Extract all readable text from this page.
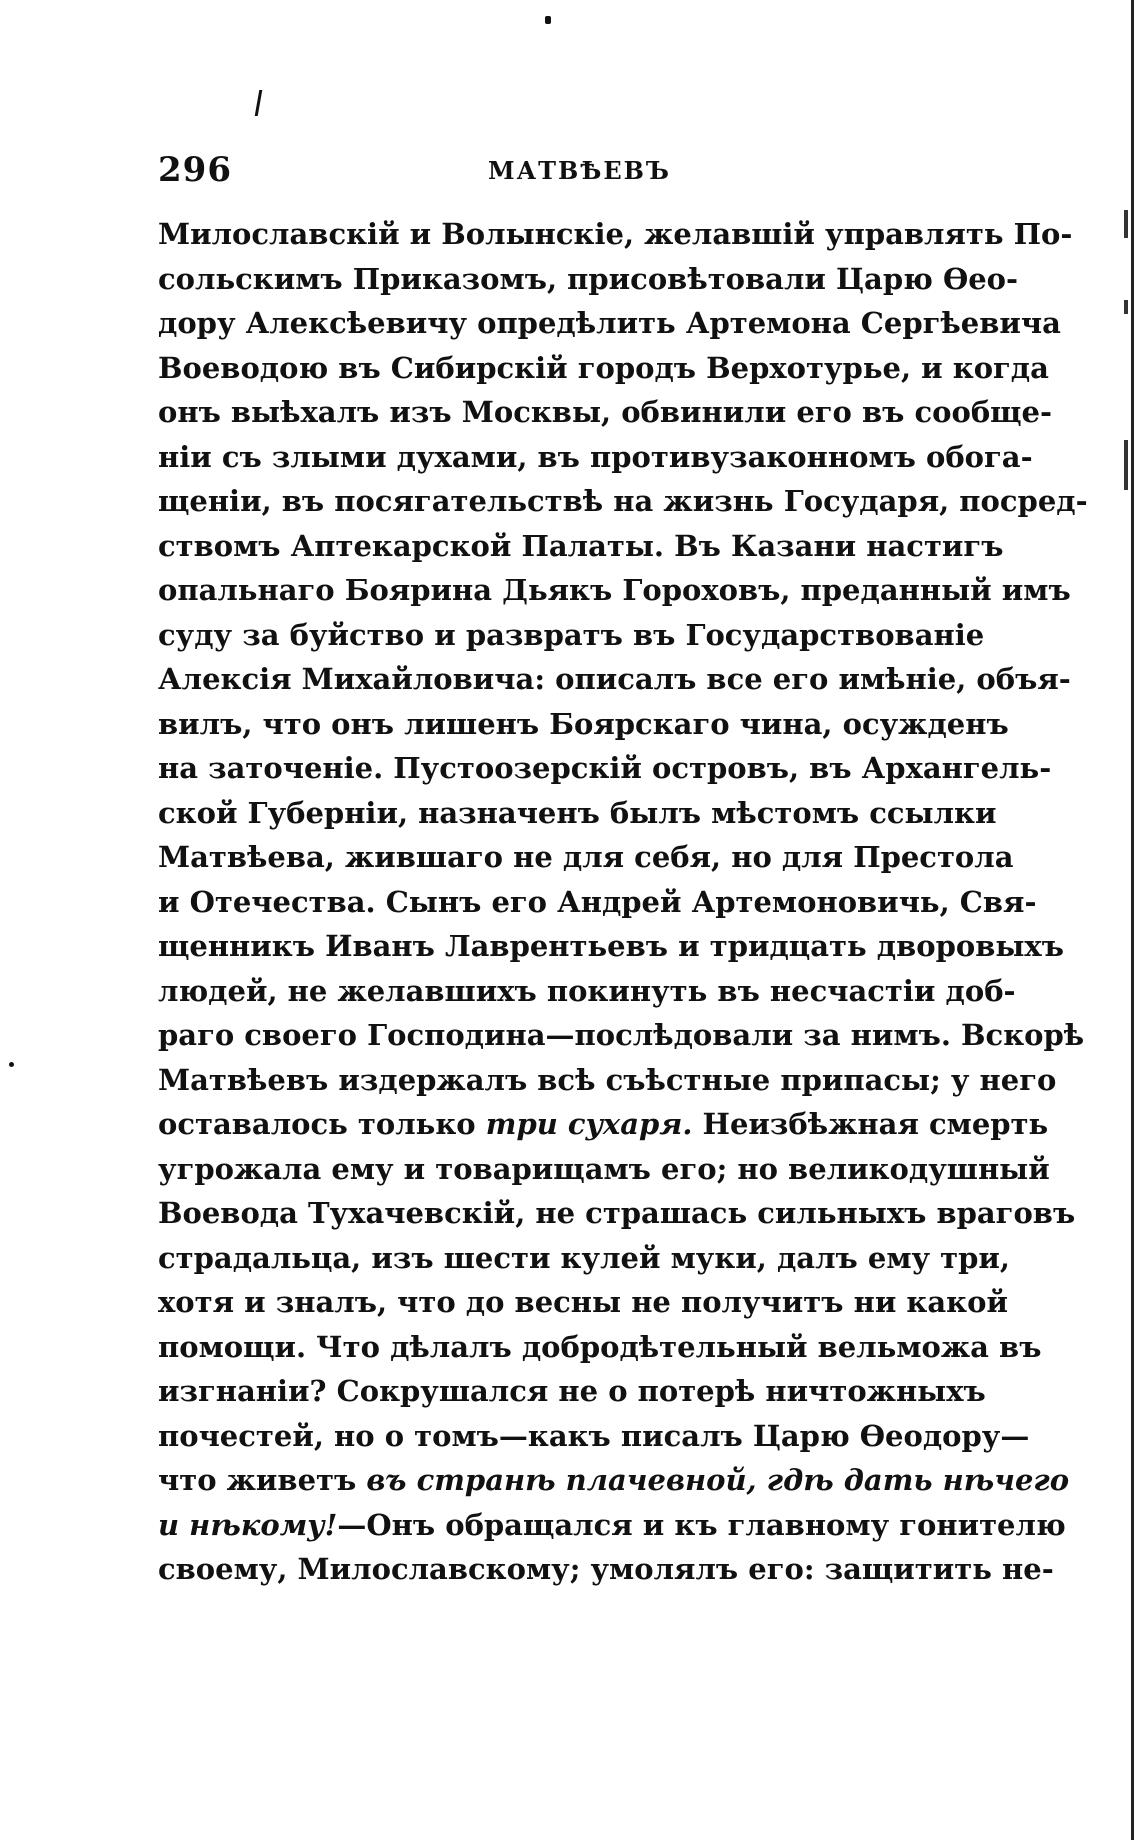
296	МАТВѢЕВЪ
Милославскій и Волынскіе, желавшій управлять По-
сольскимъ Приказомъ, присовѣтовали Царю Ѳео-
дору Алексѣевичу опредѣлить Артемона Сергѣевича
Воеводою въ Сибирскій городъ Верхотурье, и когда
онъ выѣхалъ изъ Москвы, обвинили его въ сообще-
ніи съ злыми духами, въ противузаконномъ обога-
щеніи, въ посягательствѣ на жизнь Государя, посред-
ствомъ Аптекарской Палаты. Въ Казани настигъ
опальнаго Боярина Дьякъ Гороховъ, преданный имъ
суду за буйство и развратъ въ Государствованіе
Алексія Михайловича: описалъ все его имѣніе, объя-
вилъ, что онъ лишенъ Боярскаго чина, осужденъ
на заточеніе. Пустоозерскій островъ, въ Архангель-
ской Губерніи, назначенъ былъ мѣстомъ ссылки
Матвѣева, жившаго не для себя, но для Престола
и Отечества. Сынъ его Андрей Артемоновичь, Свя-
щенникъ Иванъ Лаврентьевъ и тридцать дворовыхъ
людей, не желавшихъ покинуть въ несчастіи доб-
раго своего Господина—послѣдовали за нимъ. Вскорѣ
Матвѣевъ издержалъ всѣ съѣстные припасы; у него
оставалось только три сухаря. Неизбѣжная смерть
угрожала ему и товарищамъ его; но великодушный
Воевода Тухачевскій, не страшась сильныхъ враговъ
страдальца, изъ шести кулей муки, далъ ему три,
хотя и зналъ, что до весны не получитъ ни какой
помощи. Что дѣлалъ добродѣтельный вельможа въ
изгнаніи? Сокрушался не о потерѣ ничтожныхъ
почестей, но о томъ—какъ писалъ Царю Ѳеодору—
что живетъ въ странѣ плачевной, гдѣ дать нѣчего
и нѣкому!—Онъ обращался и къ главному гонителю
своему, Милославскому; умолялъ его: защитить не-
